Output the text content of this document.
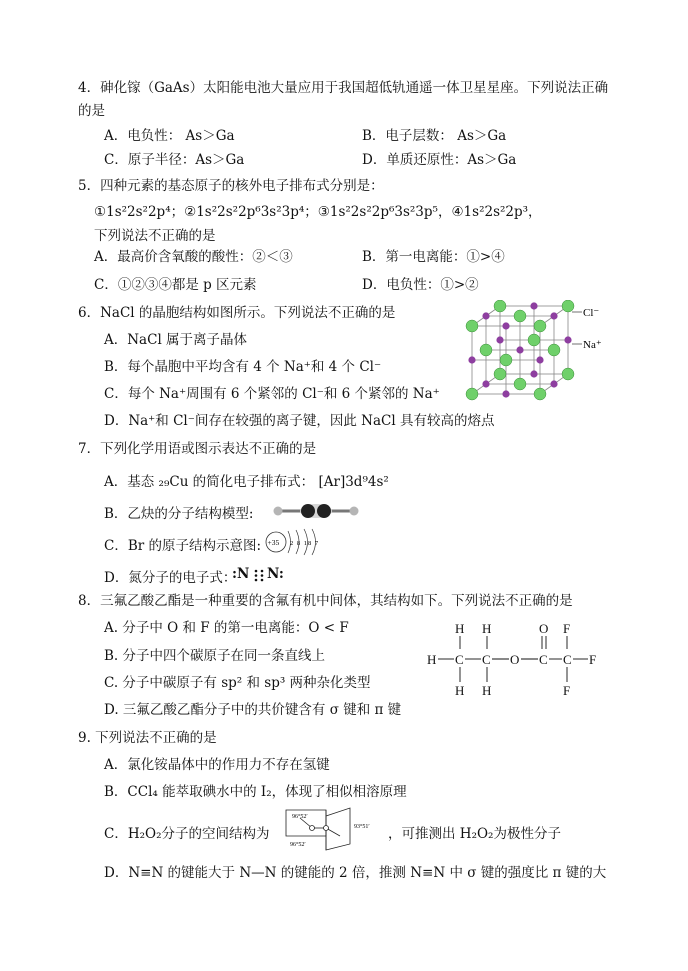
4．砷化镓（GaAs）太阳能电池大量应用于我国超低轨通遥一体卫星星座。下列说法正确
的是
A．电负性： As＞Ga	B．电子层数： As＞Ga
C．原子半径：As＞Ga	D．单质还原性：As＞Ga
5．四种元素的基态原子的核外电子排布式分别是：
①1s²2s²2p⁴；②1s²2s²2p⁶3s²3p⁴；③1s²2s²2p⁶3s²3p⁵，④1s²2s²2p³，
下列说法不正确的是
A．最高价含氧酸的酸性：②＜③	B．第一电离能：①>④
C．①②③④都是 p 区元素	D．电负性：①>②
6．NaCl 的晶胞结构如图所示。下列说法不正确的是
A．NaCl 属于离子晶体
B．每个晶胞中平均含有 4 个 Na⁺和 4 个 Cl⁻
C．每个 Na⁺周围有 6 个紧邻的 Cl⁻和 6 个紧邻的 Na⁺
D．Na⁺和 Cl⁻间存在较强的离子键，因此 NaCl 具有较高的熔点
Cl⁻
Na⁺
7．下列化学用语或图示表达不正确的是
A．基态 ₂₉Cu 的简化电子排布式： [Ar]3d⁹4s²
B．乙炔的分子结构模型:
C．Br 的原子结构示意图: +35 2 8 18 7
D．氮分子的电子式：
:N N:
8．三氟乙酸乙酯是一种重要的含氟有机中间体，其结构如下。下列说法不正确的是
A. 分子中 O 和 F 的第一电离能：O < F
B. 分子中四个碳原子在同一条直线上
C. 分子中碳原子有 sp² 和 sp³ 两种杂化类型
D. 三氟乙酸乙酯分子中的共价键含有 σ 键和 π 键
H H	O F
H C C O C C F
H H	F
9. 下列说法不正确的是
A．氯化铵晶体中的作用力不存在氢键
B．CCl₄ 能萃取碘水中的 I₂，体现了相似相溶原理
C．H₂O₂分子的空间结构为
96°52′
93°51′
96°52′
，可推测出 H₂O₂为极性分子
D．N≡N 的键能大于 N—N 的键能的 2 倍，推测 N≡N 中 σ 键的强度比 π 键的大
